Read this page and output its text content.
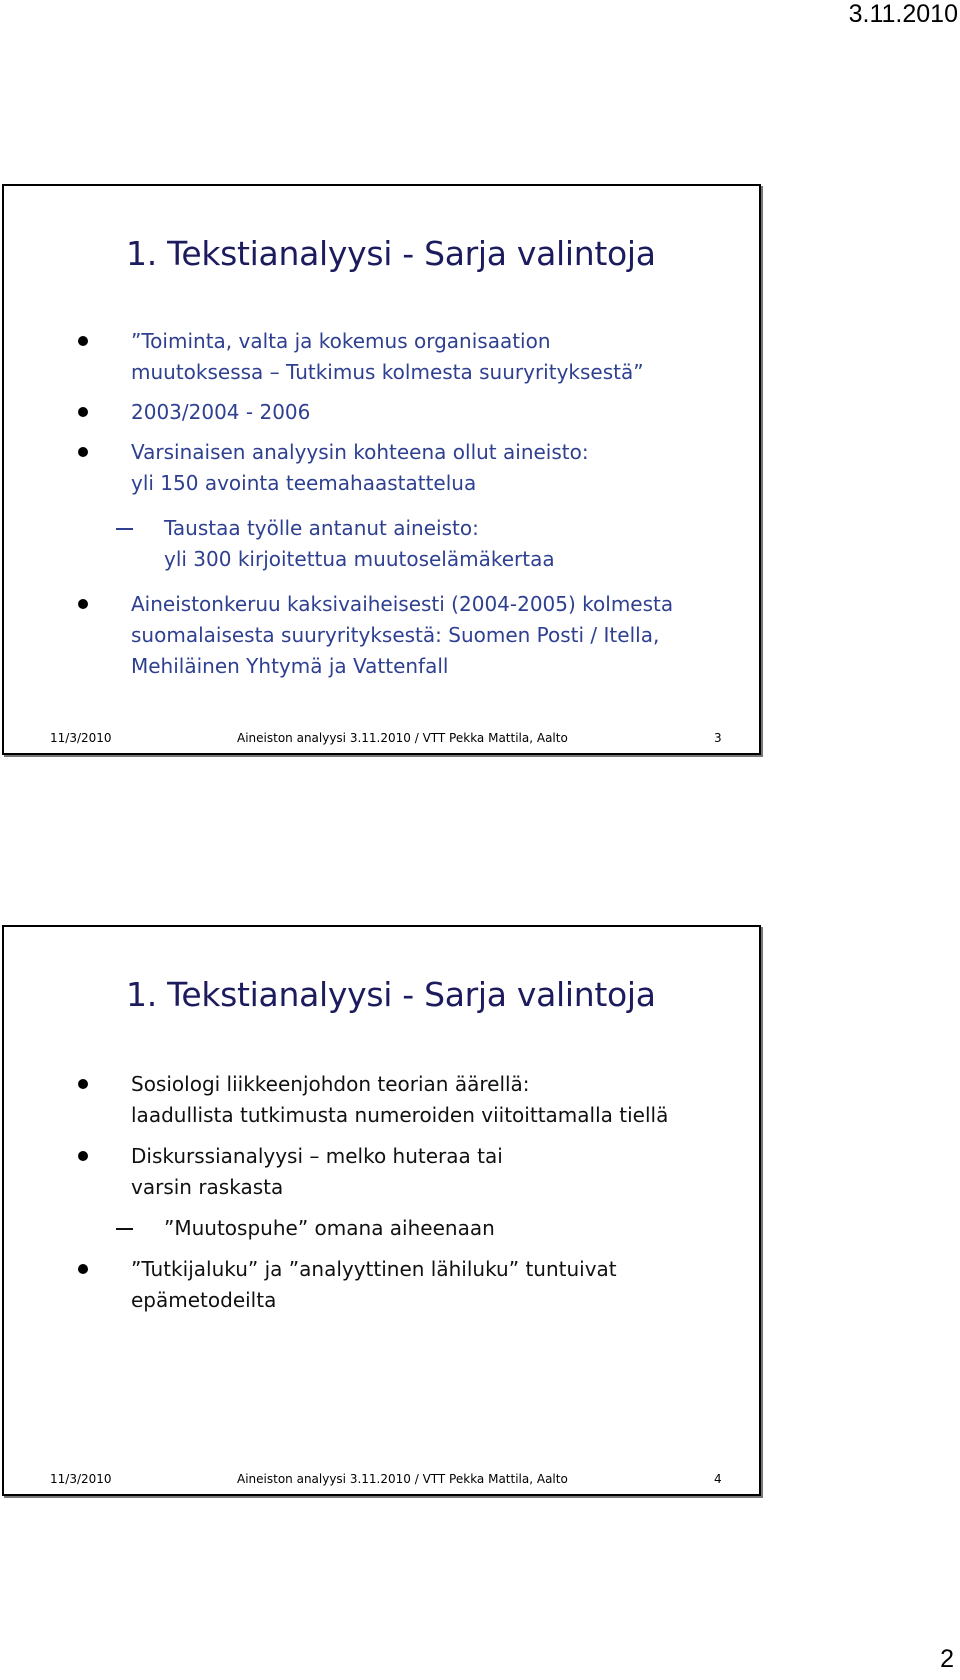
3.11.2010
1. Tekstianalyysi - Sarja valintoja
”Toiminta, valta ja kokemus organisaation
muutoksessa – Tutkimus kolmesta suuryrityksestä”
2003/2004 - 2006
Varsinaisen analyysin kohteena ollut aineisto:
yli 150 avointa teemahaastattelua
Taustaa työlle antanut aineisto:
yli 300 kirjoitettua muutoselämäkertaa
Aineistonkeruu kaksivaiheisesti (2004-2005) kolmesta
suomalaisesta suuryrityksestä: Suomen Posti / Itella,
Mehiläinen Yhtymä ja Vattenfall
11/3/2010	Aineiston analyysi 3.11.2010 / VTT Pekka Mattila, Aalto	3
1. Tekstianalyysi - Sarja valintoja
Sosiologi liikkeenjohdon teorian äärellä:
laadullista tutkimusta numeroiden viitoittamalla tiellä
Diskurssianalyysi – melko huteraa tai
varsin raskasta
”Muutospuhe” omana aiheenaan
”Tutkijaluku” ja ”analyyttinen lähiluku” tuntuivat
epämetodeilta
11/3/2010	Aineiston analyysi 3.11.2010 / VTT Pekka Mattila, Aalto	4
2
